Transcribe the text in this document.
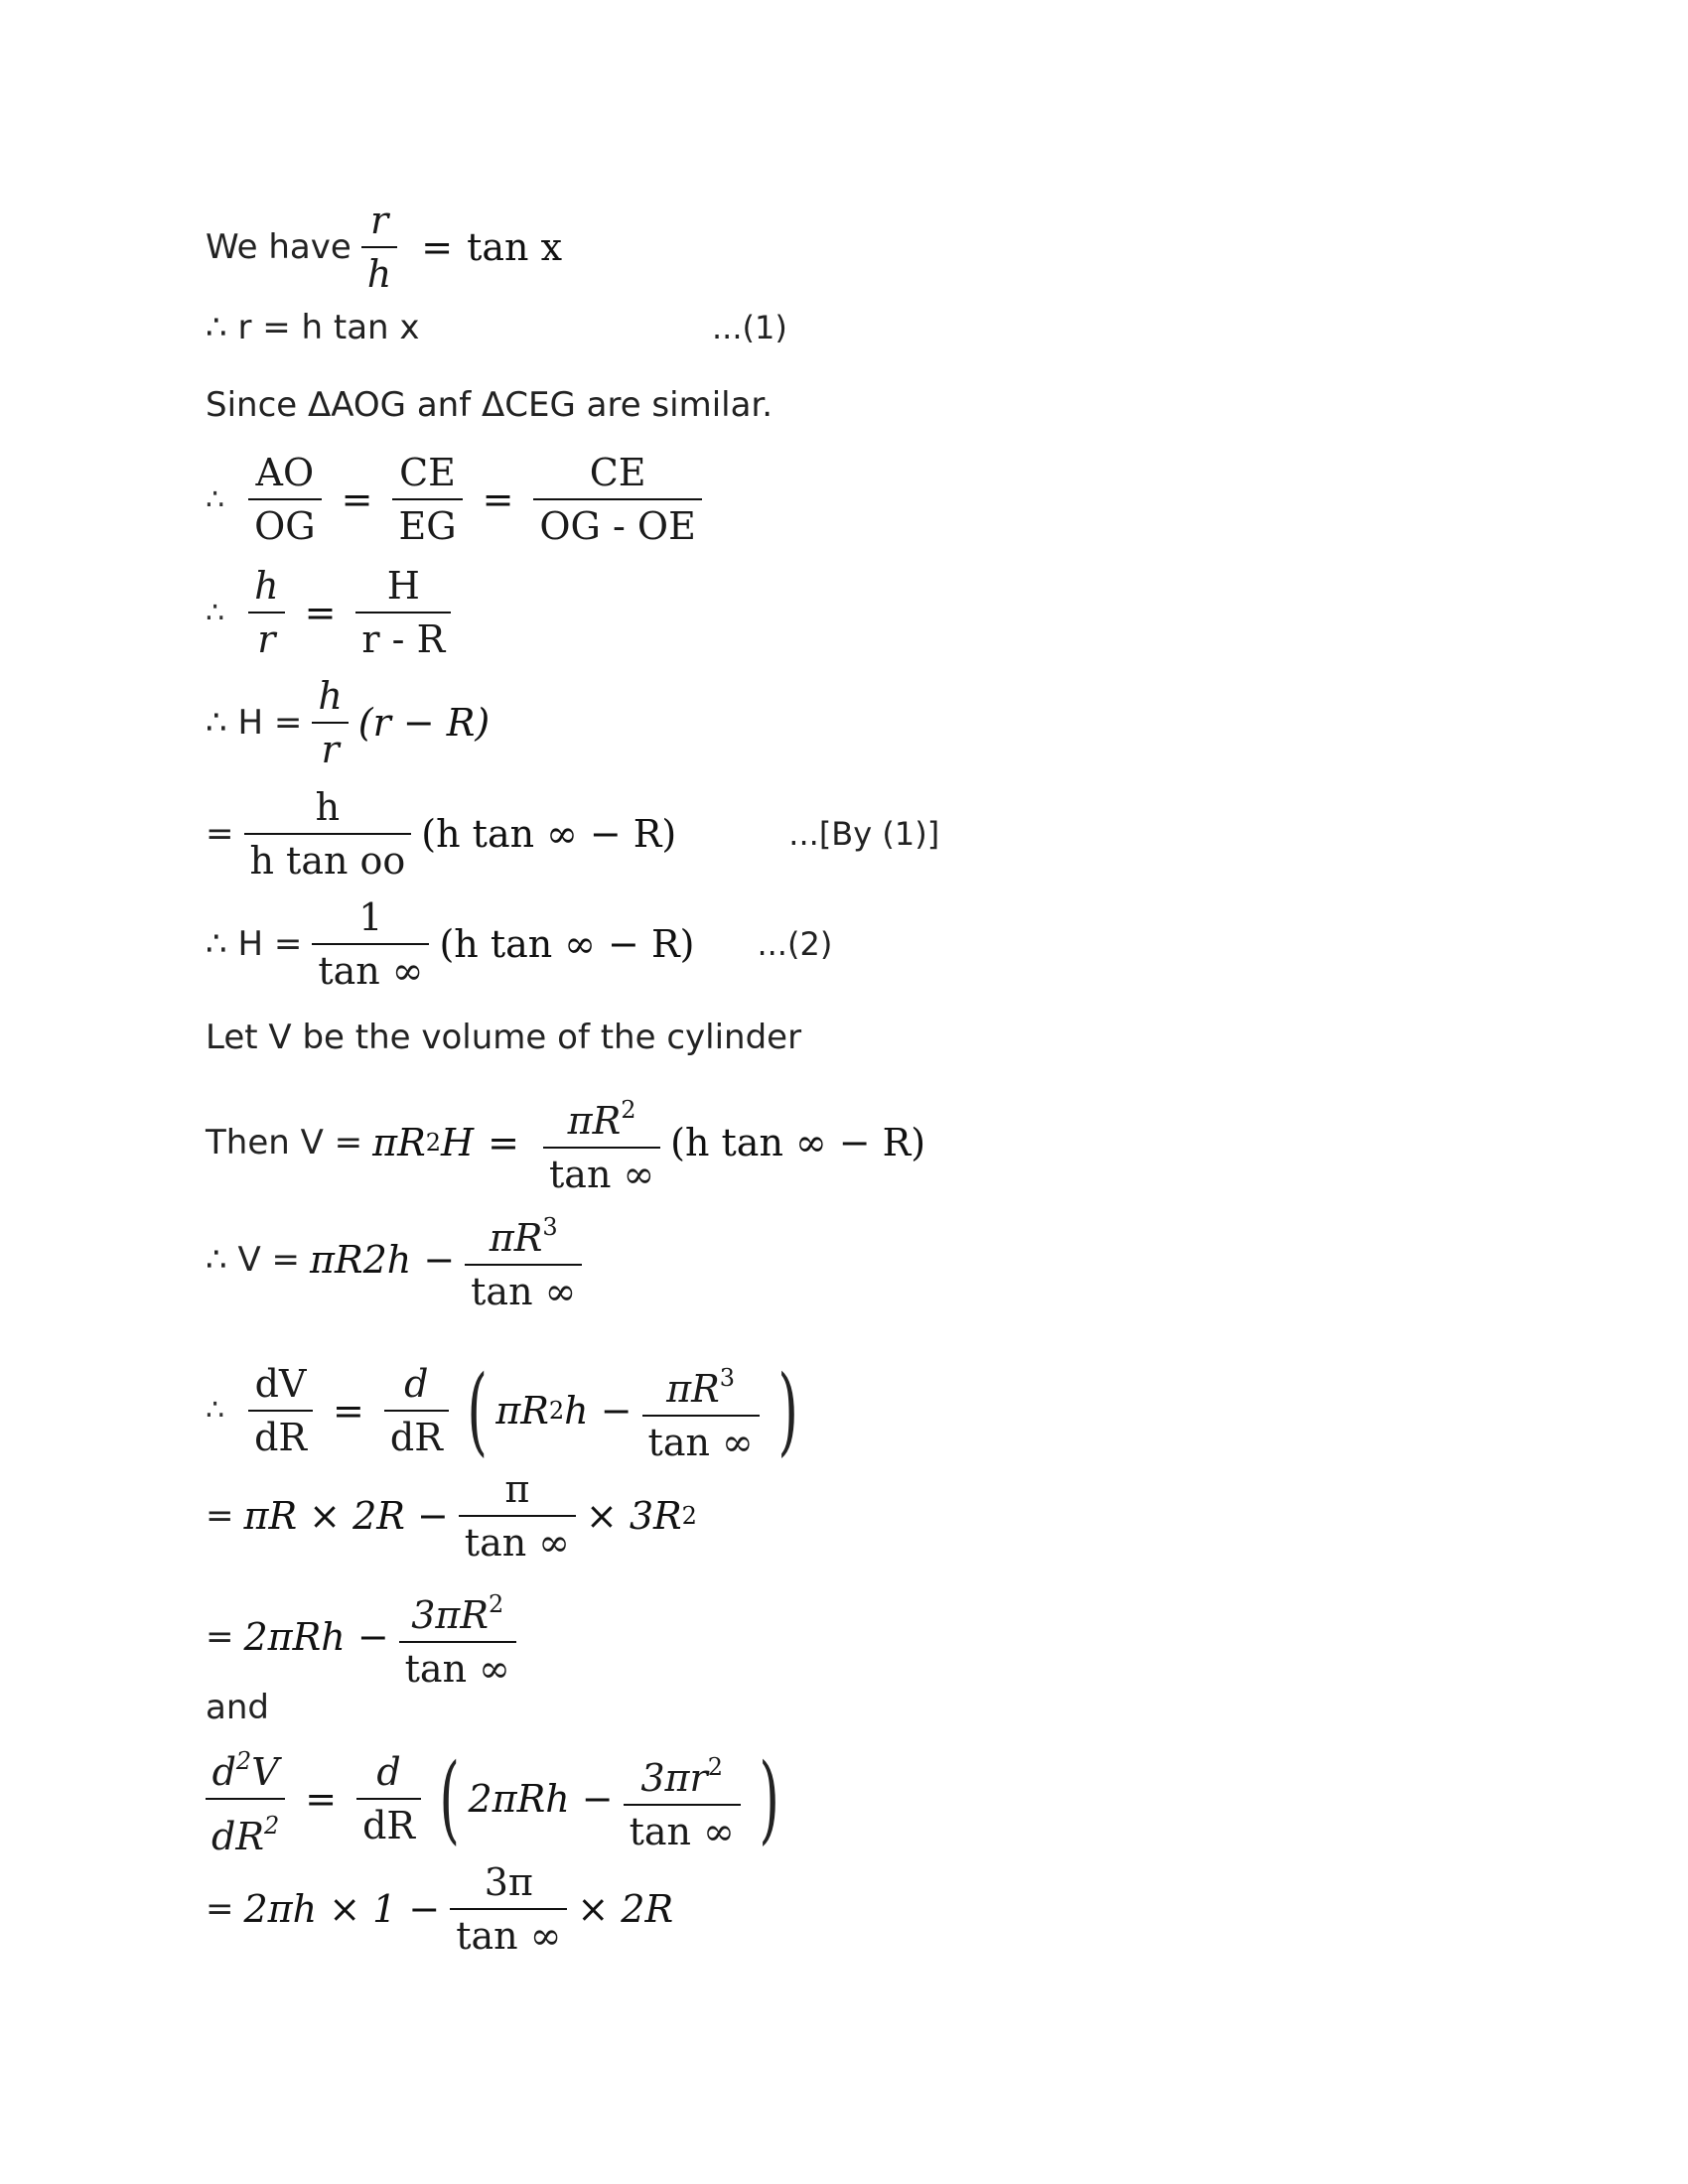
We have $\frac{r}{h} = \tan x$
∴ r = h tan x	...(1)
Since ΔAOG anf ΔCEG are similar.
∴ $\frac{AO}{OG} = \frac{CE}{EG} = \frac{CE}{OG - OE}$
∴ $\frac{h}{r} = \frac{H}{r - R}$
∴ $H = \frac{h}{r} (r - R)$
= $\frac{h}{\text{h tan oo}} (h$ tan ∞ − R)	...[By (1)]
∴ $H = \frac{1}{\tan \infty} (h$ tan ∞ − R)	...(2)
Let V be the volume of the cylinder
Then V = πR 2 $H = \frac{\pi R^2}{\tan \infty} (h$ tan ∞ − R)
∴ $V = \pi R2h - \frac{\pi R^3}{\tan \infty}$
∴ $\frac{dV}{dR} = \frac{d}{dR}$ ( πR 2 $h - \frac{\pi R^3}{\tan \infty}$ )
= $\pi R \times 2R - \frac{\pi}{\tan \infty} \times 3R$ 2
= $2\pi Rh - \frac{3\pi R^2}{\tan \infty}$
and
$\frac{d^2V}{dR^2} = \frac{d}{dR}$ ( $2\pi Rh - \frac{3\pi r^2}{\tan \infty}$ )
= $2\pi h \times 1 - \frac{3\pi}{\tan \infty} \times 2R$
